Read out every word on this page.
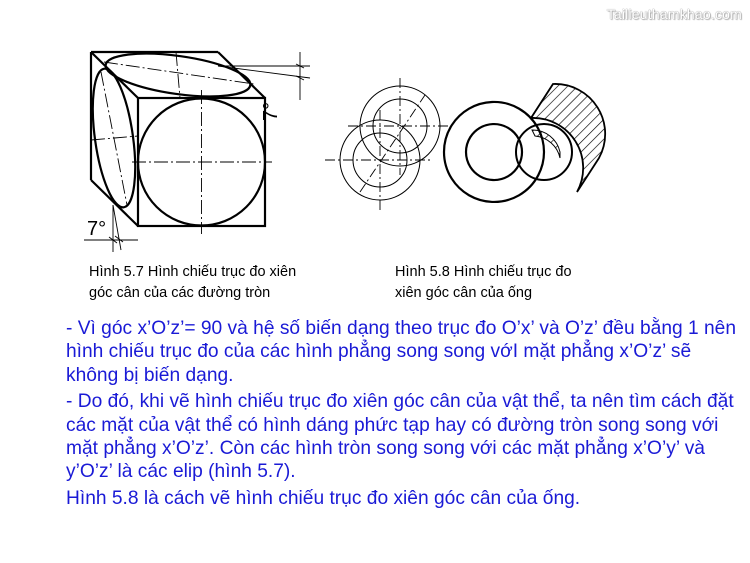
Tailieuthamkhao.com
7°
7°
Hình 5.7 Hình chiếu trục đo xiên
góc cân của các đường tròn
Hình 5.8 Hình chiếu trục đo
xiên góc cân của ống

- Vì góc x’O’z’= 90 và hệ số biến dạng theo trục đo O’x’ và O’z’ đều bằng 1 nên hình chiếu trục đo của các hình phẳng song song vớI mặt phẳng x’O’z’ sẽ không bị biến dạng.

- Do đó, khi vẽ hình chiếu trục đo xiên góc cân của vật thể, ta nên tìm cách đặt các mặt của vật thể có hình dáng phức tạp hay có đường tròn song song với mặt phẳng x’O’z’. Còn các hình tròn song song với các mặt phẳng x’O’y’ và y’O’z’ là các elip (hình 5.7).

Hình 5.8 là cách vẽ hình chiếu trục đo xiên góc cân của ống.
